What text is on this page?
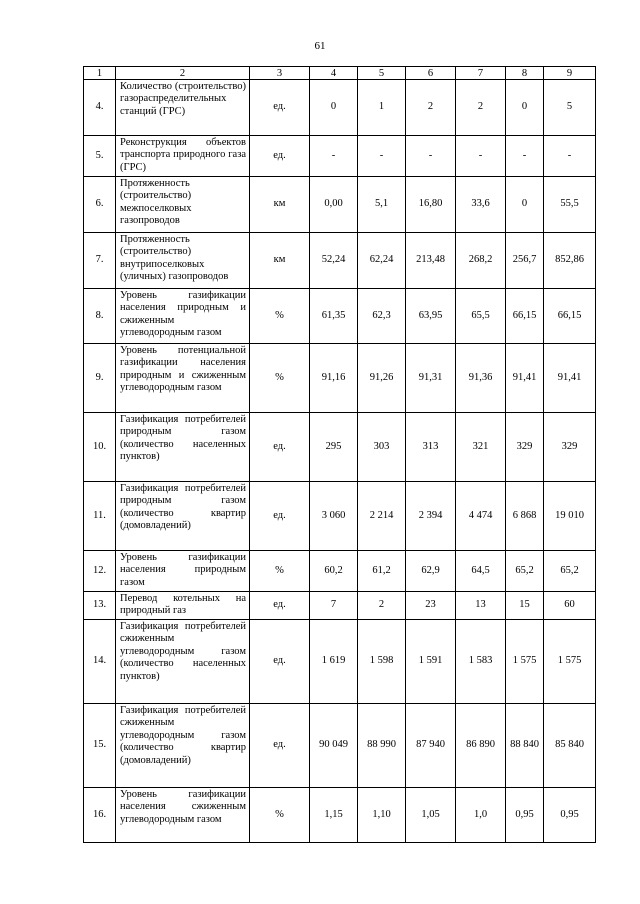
61
1	2	3	4	5	6	7	8	9
4.	Количество (строительство) газораспределительных станций (ГРС)	ед.	0	1	2	2	0	5
5.	Реконструкция объектов транспорта природного газа (ГРС)	ед.	-	-	-	-	-	-
6.	Протяженность (строительство) межпоселковых газопроводов	км	0,00	5,1	16,80	33,6	0	55,5
7.	Протяженность (строительство) внутрипоселковых (уличных) газопроводов	км	52,24	62,24	213,48	268,2	256,7	852,86
8.	Уровень газификации населения природным и сжиженным углеводородным газом	%	61,35	62,3	63,95	65,5	66,15	66,15
9.	Уровень потенциальной газификации населения природным и сжиженным углеводородным газом	%	91,16	91,26	91,31	91,36	91,41	91,41
10.	Газификация потребителей природным газом (количество населенных пунктов)	ед.	295	303	313	321	329	329
11.	Газификация потребителей природным газом (количество квартир (домовладений)	ед.	3 060	2 214	2 394	4 474	6 868	19 010
12.	Уровень газификации населения природным газом	%	60,2	61,2	62,9	64,5	65,2	65,2
13.	Перевод котельных на природный газ	ед.	7	2	23	13	15	60
14.	Газификация потребителей сжиженным углеводородным газом (количество населенных пунктов)	ед.	1 619	1 598	1 591	1 583	1 575	1 575
15.	Газификация потребителей сжиженным углеводородным газом (количество квартир (домовладений)	ед.	90 049	88 990	87 940	86 890	88 840	85 840
16.	Уровень газификации населения сжиженным углеводородным газом	%	1,15	1,10	1,05	1,0	0,95	0,95
